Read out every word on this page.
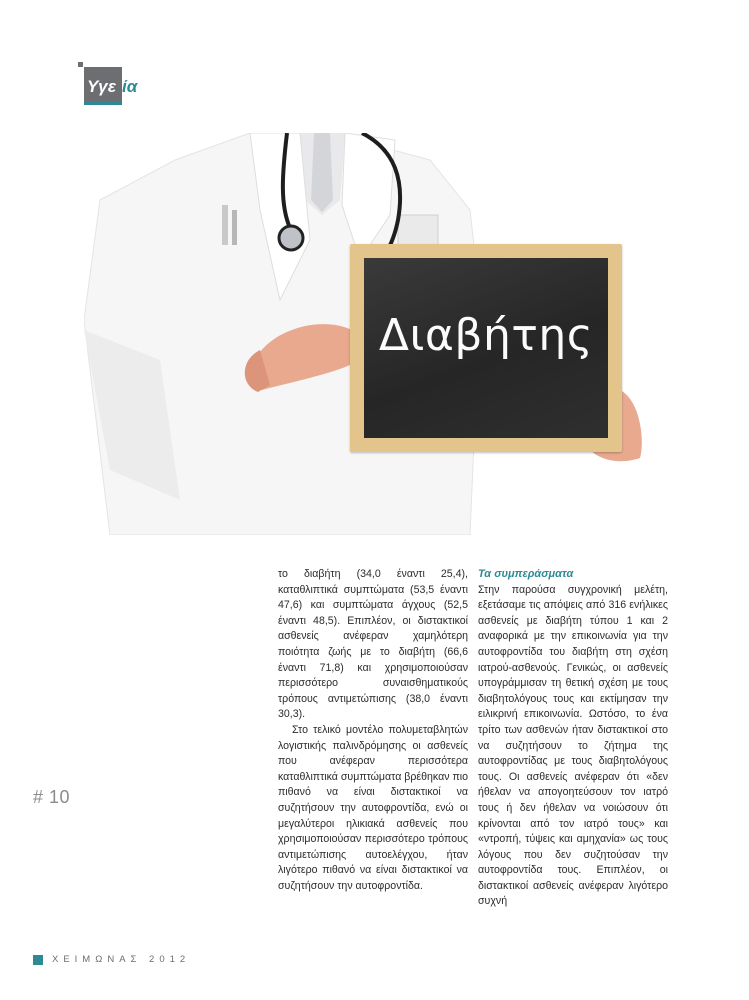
Υγε ία
Διαβήτης

το διαβήτη (34,0 έναντι 25,4), καταθλιπτικά συμπτώματα (53,5 έναντι 47,6) και συμπτώματα άγχους (52,5 έναντι 48,5). Επιπλέον, οι διστακτικοί ασθενείς ανέφεραν χαμηλότερη ποιότητα ζωής με το διαβήτη (66,6 έναντι 71,8) και χρησιμοποιούσαν περισσότερο συναισθηματικούς τρόπους αντιμετώπισης (38,0 έναντι 30,3).

Στο τελικό μοντέλο πολυμεταβλητών λογιστικής παλινδρόμησης οι ασθενείς που ανέφεραν περισσότερα καταθλιπτικά συμπτώματα βρέθηκαν πιο πιθανό να είναι διστακτικοί να συζητήσουν την αυτοφροντίδα, ενώ οι μεγαλύτεροι ηλικιακά ασθενείς που χρησιμοποιούσαν περισσότερο τρόπους αντιμετώπισης αυτοελέγχου, ήταν λιγότερο πιθανό να είναι διστακτικοί να συζητήσουν την αυτοφροντίδα.

Τα συμπεράσματα

Στην παρούσα συγχρονική μελέτη, εξετάσαμε τις απόψεις από 316 ενήλικες ασθενείς με διαβήτη τύπου 1 και 2 αναφορικά με την επικοινωνία για την αυτοφροντίδα του διαβήτη στη σχέση ιατρού-ασθενούς. Γενικώς, οι ασθενείς υπογράμμισαν τη θετική σχέση με τους διαβητολόγους τους και εκτίμησαν την ειλικρινή επικοινωνία. Ωστόσο, το ένα τρίτο των ασθενών ήταν διστακτικοί στο να συζητήσουν το ζήτημα της αυτοφροντίδας με τους διαβητολόγους τους. Οι ασθενείς ανέφεραν ότι «δεν ήθελαν να απογοητεύσουν τον ιατρό τους ή δεν ήθελαν να νοιώσουν ότι κρίνονται από τον ιατρό τους» και «ντροπή, τύψεις και αμηχανία» ως τους λόγους που δεν συζητούσαν την αυτοφροντίδα τους. Επιπλέον, οι διστακτικοί ασθενείς ανέφεραν λιγότερο συχνή

# 10
ΧΕΙΜΩΝΑΣ 2012
